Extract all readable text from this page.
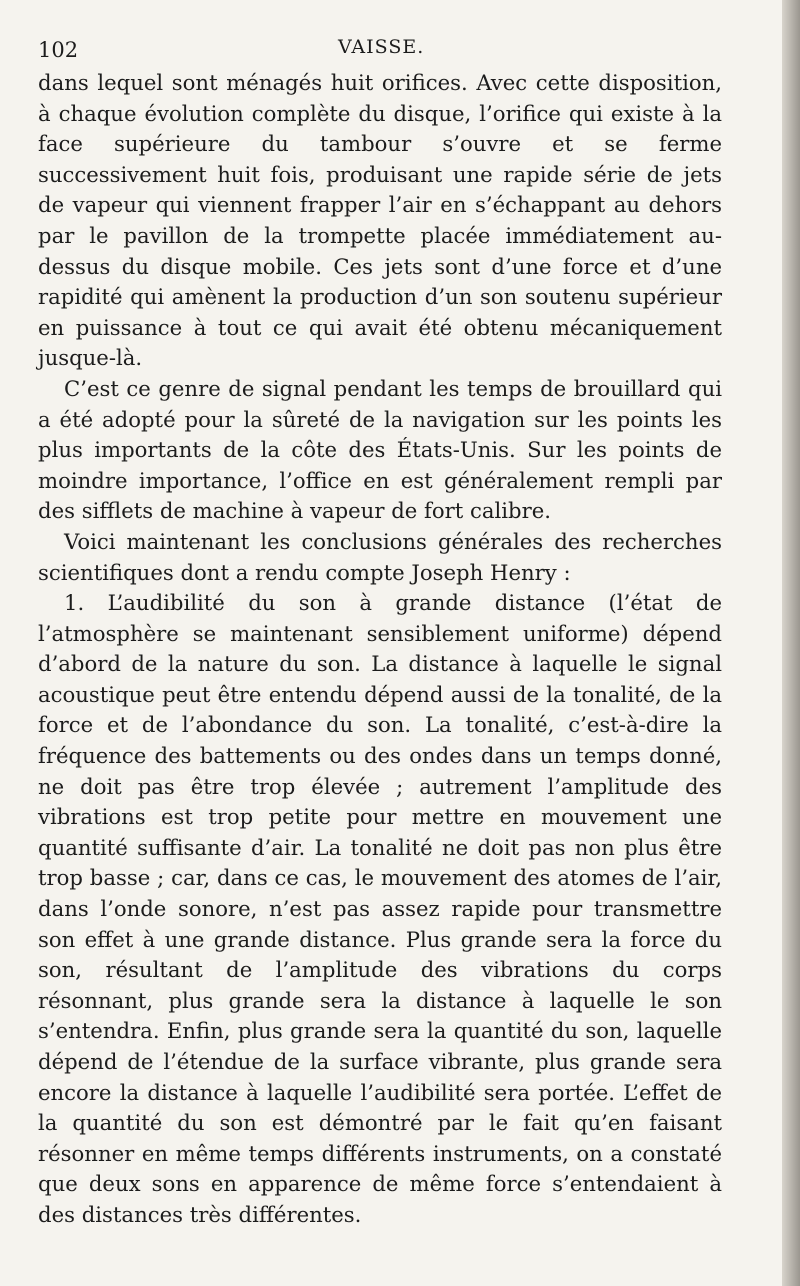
102	VAISSE.

dans lequel sont ménagés huit orifices. Avec cette disposition, à chaque évolution complète du disque, l’orifice qui existe à la face supérieure du tambour s’ouvre et se ferme successivement huit fois, produisant une rapide série de jets de vapeur qui viennent frapper l’air en s’échappant au dehors par le pavillon de la trompette placée immédiatement au-dessus du disque mobile. Ces jets sont d’une force et d’une rapidité qui amènent la production d’un son soutenu supérieur en puissance à tout ce qui avait été obtenu mécaniquement jusque-là.

C’est ce genre de signal pendant les temps de brouillard qui a été adopté pour la sûreté de la navigation sur les points les plus importants de la côte des États-Unis. Sur les points de moindre importance, l’office en est généralement rempli par des sifflets de machine à vapeur de fort calibre.

Voici maintenant les conclusions générales des recherches scientifiques dont a rendu compte Joseph Henry :

1. L’audibilité du son à grande distance (l’état de l’atmosphère se maintenant sensiblement uniforme) dépend d’abord de la nature du son. La distance à laquelle le signal acoustique peut être entendu dépend aussi de la tonalité, de la force et de l’abondance du son. La tonalité, c’est-à-dire la fréquence des battements ou des ondes dans un temps donné, ne doit pas être trop élevée ; autrement l’amplitude des vibrations est trop petite pour mettre en mouvement une quantité suffisante d’air. La tonalité ne doit pas non plus être trop basse ; car, dans ce cas, le mouvement des atomes de l’air, dans l’onde sonore, n’est pas assez rapide pour transmettre son effet à une grande distance. Plus grande sera la force du son, résultant de l’amplitude des vibrations du corps résonnant, plus grande sera la distance à laquelle le son s’entendra. Enfin, plus grande sera la quantité du son, laquelle dépend de l’étendue de la surface vibrante, plus grande sera encore la distance à laquelle l’audibilité sera portée. L’effet de la quantité du son est démontré par le fait qu’en faisant résonner en même temps différents instruments, on a constaté que deux sons en apparence de même force s’entendaient à des distances très différentes.
